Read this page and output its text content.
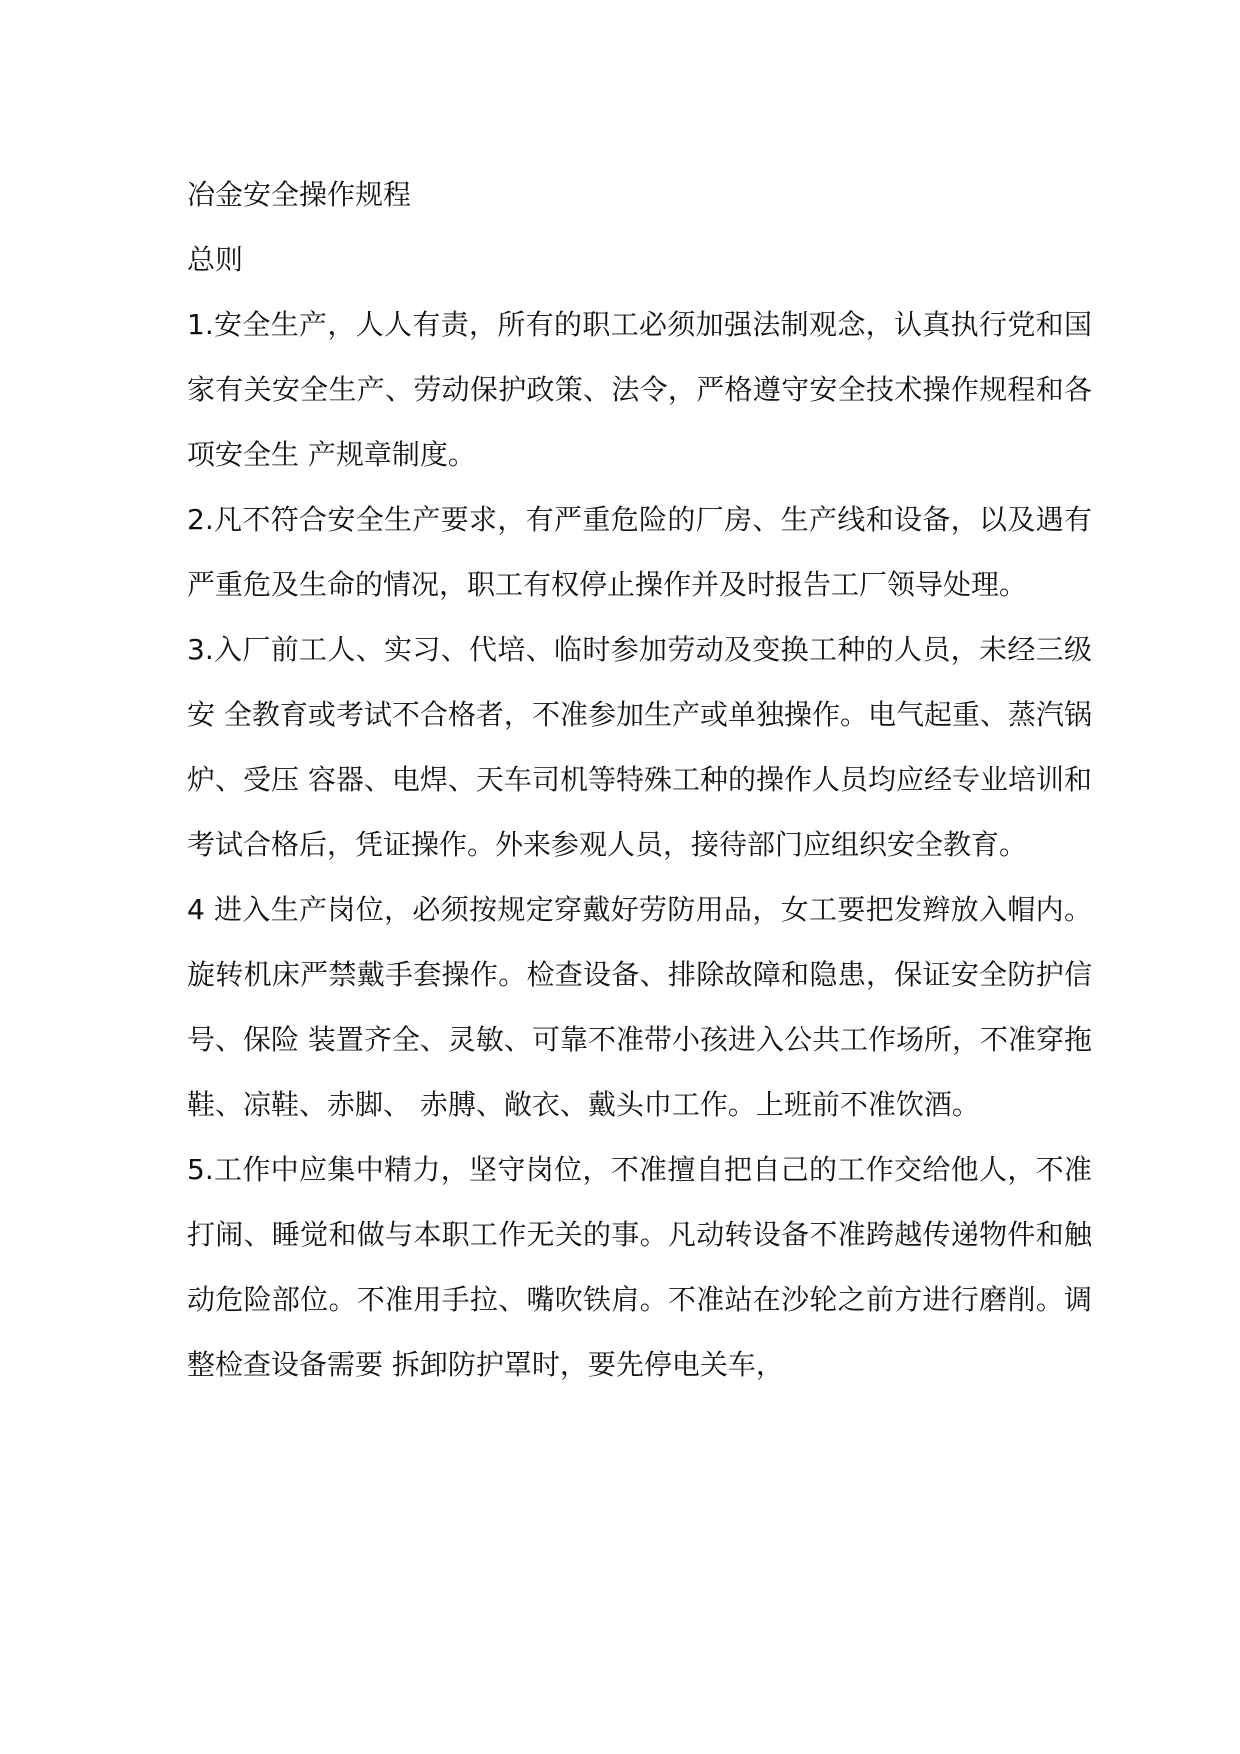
冶金安全操作规程
总则

1.安全生产，人人有责，所有的职工必须加强法制观念，认真执行党和国家有关安全生产、劳动保护政策、法令，严格遵守安全技术操作规程和各项安全生 产规章制度。

2.凡不符合安全生产要求，有严重危险的厂房、生产线和设备，以及遇有严重危及生命的情况，职工有权停止操作并及时报告工厂领导处理。

3.入厂前工人、实习、代培、临时参加劳动及变换工种的人员，未经三级安 全教育或考试不合格者，不准参加生产或单独操作。电气起重、蒸汽锅炉、受压 容器、电焊、天车司机等特殊工种的操作人员均应经专业培训和考试合格后，凭证操作。外来参观人员，接待部门应组织安全教育。

4 进入生产岗位，必须按规定穿戴好劳防用品，女工要把发辫放入帽内。旋转机床严禁戴手套操作。检查设备、排除故障和隐患，保证安全防护信号、保险 装置齐全、灵敏、可靠不准带小孩进入公共工作场所，不准穿拖鞋、凉鞋、赤脚、 赤膊、敞衣、戴头巾工作。上班前不准饮酒。

5.工作中应集中精力，坚守岗位，不准擅自把自己的工作交给他人，不准打闹、睡觉和做与本职工作无关的事。凡动转设备不准跨越传递物件和触动危险部位。不准用手拉、嘴吹铁肩。不准站在沙轮之前方进行磨削。调整检查设备需要 拆卸防护罩时，要先停电关车，
